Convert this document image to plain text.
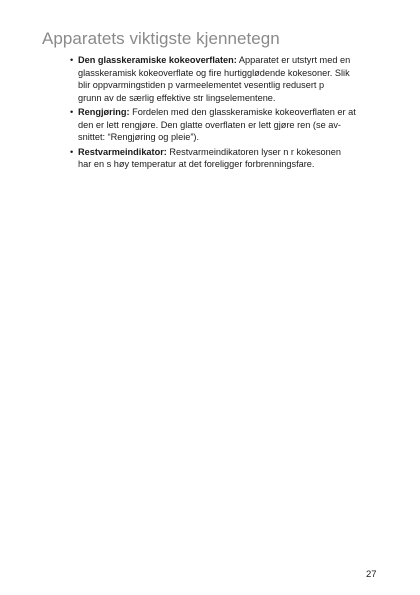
Apparatets viktigste kjennetegn
• Den glasskeramiske kokeoverflaten: Apparatet er utstyrt med en
glasskeramisk kokeoverflate og fire hurtigglødende kokesoner. Slik
blir oppvarmingstiden p varmeelementet vesentlig redusert p
grunn av de særlig effektive str lingselementene.
• Rengjøring: Fordelen med den glasskeramiske kokeoverflaten er at
den er lett rengjøre. Den glatte overflaten er lett gjøre ren (se av-
snittet: “Rengjøring og pleie”).
• Restvarmeindikator: Restvarmeindikatoren lyser n r kokesonen
har en s høy temperatur at det foreligger forbrenningsfare.
27
